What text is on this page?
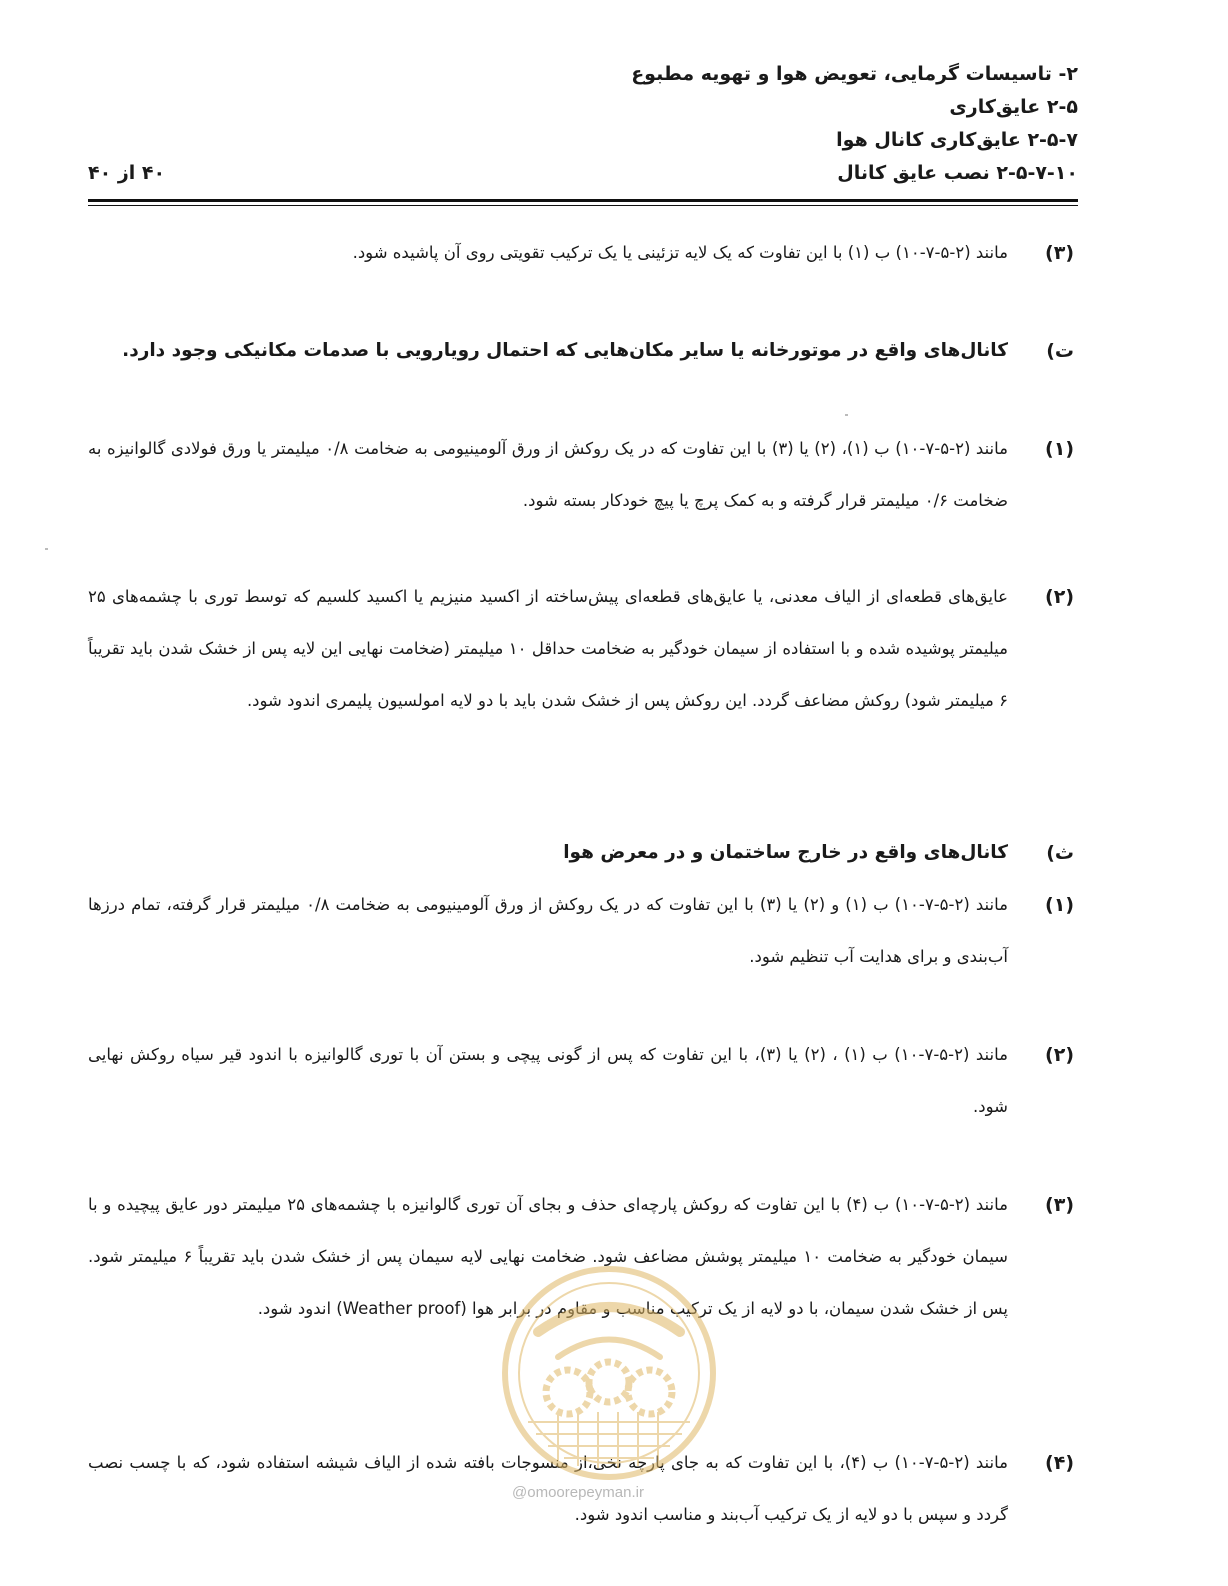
۲- تاسیسات گرمایی، تعویض هوا و تهویه مطبوع
۲-۵ عایق‌کاری
۲-۵-۷ عایق‌کاری کانال هوا
۲-۵-۷-۱۰ نصب عایق کانال
۴۰ از ۴۰
(۳)
مانند (۲-۵-۷-۱۰) ب (۱) با این تفاوت که یک لایه تزئینی یا یک ترکیب تقویتی روی آن پاشیده شود.
ت)
کانال‌های واقع در موتورخانه یا سایر مکان‌هایی که احتمال رویارویی با صدمات مکانیکی وجود دارد.
(۱)
مانند (۲-۵-۷-۱۰) ب (۱)، (۲) یا (۳) با این تفاوت که در یک روکش از ورق آلومینیومی به ضخامت ۰/۸ میلیمتر یا ورق فولادی گالوانیزه به ضخامت ۰/۶ میلیمتر قرار گرفته و به کمک پرچ یا پیچ خودکار بسته شود.
(۲)
عایق‌های قطعه‌ای از الیاف معدنی، یا عایق‌های قطعه‌ای پیش‌ساخته از اکسید منیزیم یا اکسید کلسیم که توسط توری با چشمه‌های ۲۵ میلیمتر پوشیده شده و با استفاده از سیمان خودگیر به ضخامت حداقل ۱۰ میلیمتر (ضخامت نهایی این لایه پس از خشک شدن باید تقریباً ۶ میلیمتر شود) روکش مضاعف گردد. این روکش پس از خشک شدن باید با دو لایه امولسیون پلیمری اندود شود.
ث)
کانال‌های واقع در خارج ساختمان و در معرض هوا
(۱)
مانند (۲-۵-۷-۱۰) ب (۱) و (۲) یا (۳) با این تفاوت که در یک روکش از ورق آلومینیومی به ضخامت ۰/۸ میلیمتر قرار گرفته، تمام درزها آب‌بندی و برای هدایت آب تنظیم شود.
(۲)
مانند (۲-۵-۷-۱۰) ب (۱) ، (۲) یا (۳)، با این تفاوت که پس از گونی پیچی و بستن آن با توری گالوانیزه با اندود قیر سیاه روکش نهایی شود.
(۳)
مانند (۲-۵-۷-۱۰) ب (۴) با این تفاوت که روکش پارچه‌ای حذف و بجای آن توری گالوانیزه با چشمه‌های ۲۵ میلیمتر دور عایق پیچیده و با سیمان خودگیر به ضخامت ۱۰ میلیمتر پوشش مضاعف شود. ضخامت نهایی لایه سیمان پس از خشک شدن باید تقریباً ۶ میلیمتر شود. پس از خشک شدن سیمان، با دو لایه از یک ترکیب مناسب و مقاوم در برابر هوا (Weather proof) اندود شود.
(۴)
مانند (۲-۵-۷-۱۰) ب (۴)، با این تفاوت که به جای پارچه نخی،از منسوجات بافته شده از الیاف شیشه استفاده شود، که با چسب نصب گردد و سپس با دو لایه از یک ترکیب آب‌بند و مناسب اندود شود.
@omoorepeyman.ir
